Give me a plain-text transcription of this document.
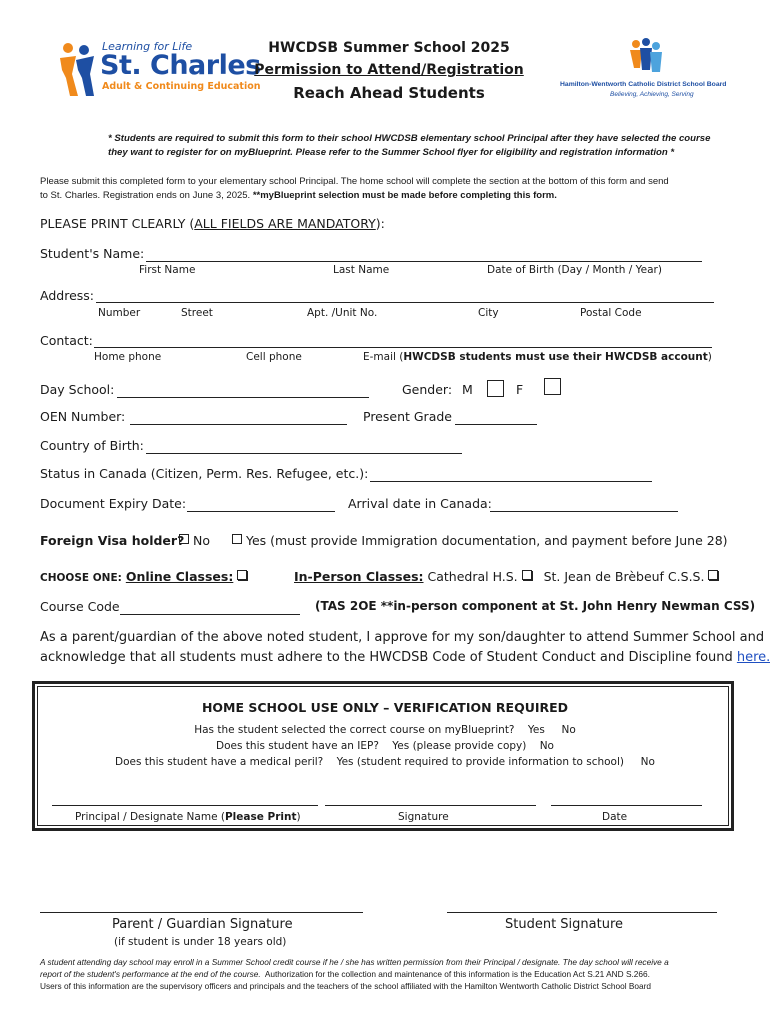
Learning for Life
St. Charles
Adult & Continuing Education
HWCDSB Summer School 2025
Permission to Attend/Registration
Reach Ahead Students	Hamilton-Wentworth Catholic District School Board
Believing, Achieving, Serving
* Students are required to submit this form to their school HWCDSB elementary school Principal after they have selected the course
they want to register for on myBlueprint. Please refer to the Summer School flyer for eligibility and registration information *
Please submit this completed form to your elementary school Principal. The home school will complete the section at the bottom of this form and send
to St. Charles. Registration ends on June 3, 2025. **myBlueprint selection must be made before completing this form.
PLEASE PRINT CLEARLY (ALL FIELDS ARE MANDATORY):
Student's Name:
First Name	Last Name	Date of Birth (Day / Month / Year)
Address:
Number	Street	Apt. /Unit No.	City	Postal Code
Contact:
Home phone	Cell phone	E-mail (HWCDSB students must use their HWCDSB account)
Day School:	Gender: M	F
OEN Number:	Present Grade
Country of Birth:
Status in Canada (Citizen, Perm. Res. Refugee, etc.):
Document Expiry Date:	Arrival date in Canada:
Foreign Visa holder? No	Yes (must provide Immigration documentation, and payment before June 28)
CHOOSE ONE: Online Classes:	In-Person Classes: Cathedral H.S. St. Jean de Brèbeuf C.S.S.
Course Code	(TAS 2OE **in-person component at St. John Henry Newman CSS)
As a parent/guardian of the above noted student, I approve for my son/daughter to attend Summer School and
acknowledge that all students must adhere to the HWCDSB Code of Student Conduct and Discipline found here.
HOME SCHOOL USE ONLY – VERIFICATION REQUIRED
Has the student selected the correct course on myBlueprint?    Yes     No
Does this student have an IEP?    Yes (please provide copy)    No
Does this student have a medical peril?    Yes (student required to provide information to school)     No
Principal / Designate Name (Please Print)	Signature	Date
Parent / Guardian Signature
(if student is under 18 years old)
Student Signature
A student attending day school may enroll in a Summer School credit course if he / she has written permission from their Principal / designate. The day school will receive a
report of the student's performance at the end of the course.  Authorization for the collection and maintenance of this information is the Education Act S.21 AND S.266.
Users of this information are the supervisory officers and principals and the teachers of the school affiliated with the Hamilton Wentworth Catholic District School Board
